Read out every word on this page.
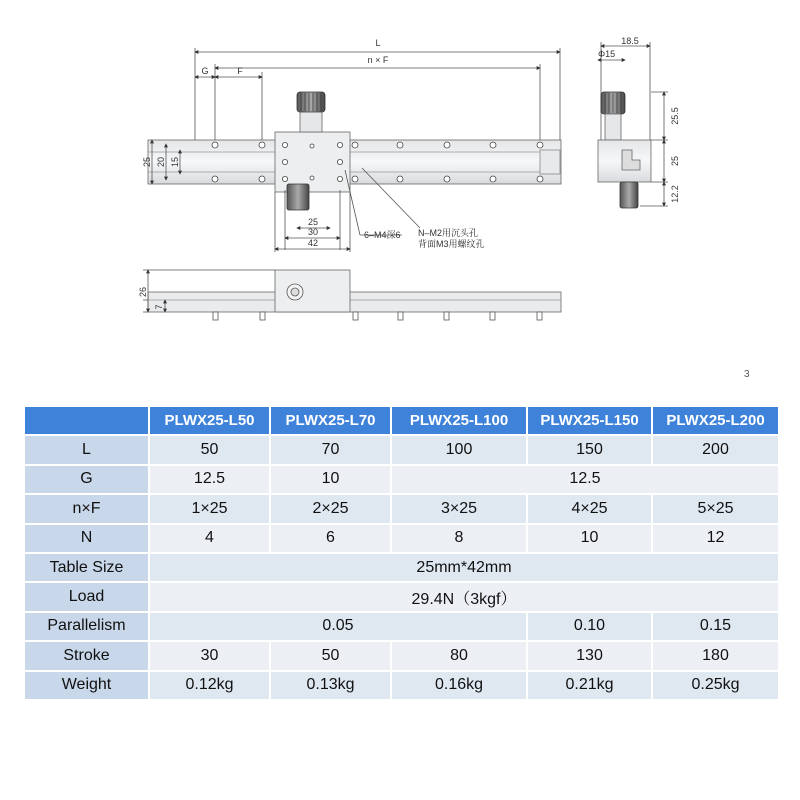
L
n × F
G	F
25 20 15
25
30
42
6–M4深6 N–M2用沉头孔
背面M3用螺纹孔
Φ15
18.5
25.5
25
12.2
26
7
3
	PLWX25-L50	PLWX25-L70	PLWX25-L100	PLWX25-L150	PLWX25-L200
L	50	70	100	150	200
G	12.5	10	12.5		
n×F	1×25	2×25	3×25	4×25	5×25
N	4	6	8	10	12
Table Size	25mm*42mm				
Load	29.4N（3kgf）				
Parallelism	0.05			0.10	0.15
Stroke	30	50	80	130	180
Weight	0.12kg	0.13kg	0.16kg	0.21kg	0.25kg
